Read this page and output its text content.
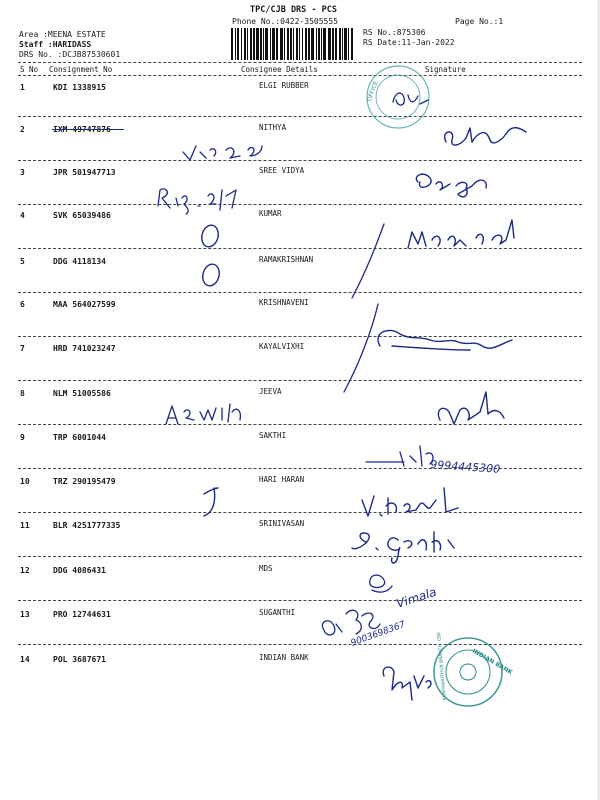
TPC/CJB DRS - PCS
Phone No.:0422-3505555	Page No.:1
Area :MEENA ESTATE
Staff :HARIDASS
DRS No. :DCJB87530601
RS No.:875306
RS Date:11-Jan-2022
S No Consignment No	Consignee Details	Signature
1	KDI 1338915	ELGI RUBBER
2	IXM 49747876	NITHYA
3	JPR 501947713	SREE VIDYA
4	SVK 65039486	KUMAR
5	DDG 4118134	RAMAKRISHNAN
6	MAA 564027599	KRISHNAVENI
7	HRD 741023247	KAYALVIXHI
8	NLM 51005586	JEEVA
9	TRP 6001044	SAKTHI
10	TRZ 290195479	HARI HARAN
11	BLR 4251777335	SRINIVASAN
12	DDG 4086431	MDS
13	PRO 12744631	SUGANTHI
14	POL 3687671	INDIAN BANK
OFFICE
9994445300
Vimala
9003698367
INDIAN BANK
KUNIYAMUTHUR BRANCH, CBE
